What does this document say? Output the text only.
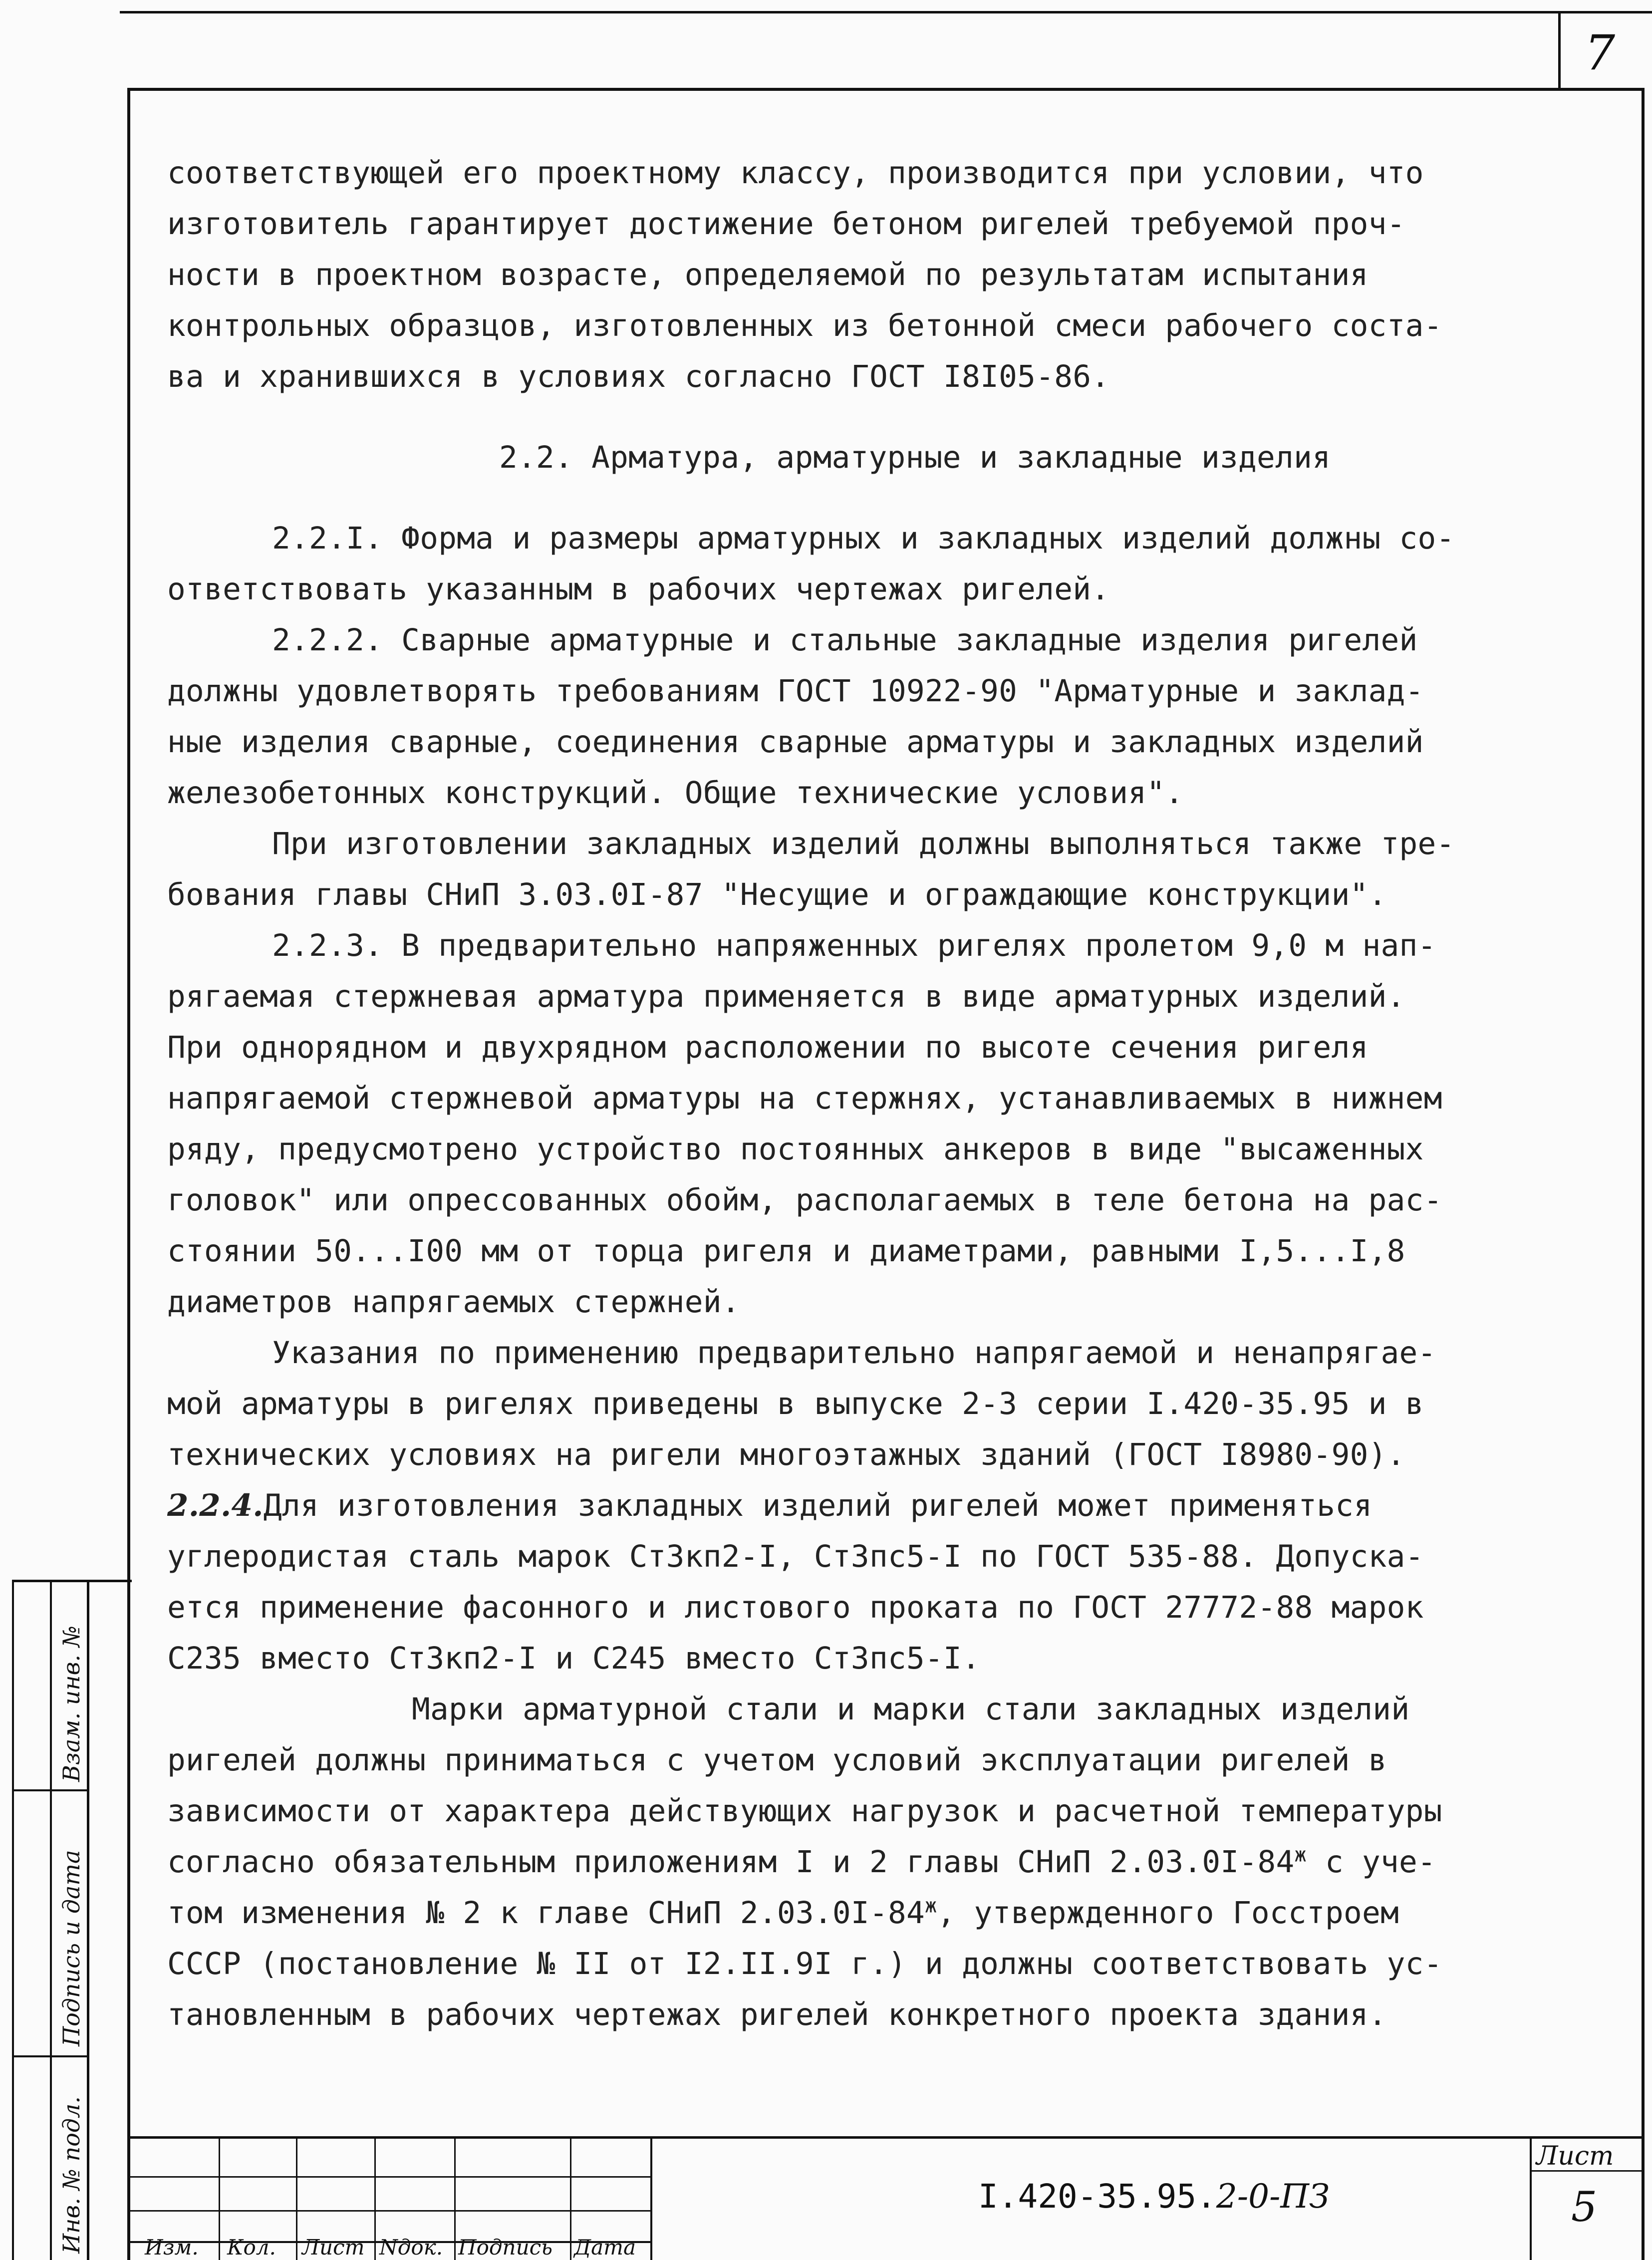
7
Взам. инв. №
Подпись и дата
Инв. № подл.

соответствующей его проектному классу, производится при условии, что

изготовитель гарантирует достижение бетоном ригелей требуемой проч-

ности в проектном возрасте, определяемой по результатам испытания

контрольных образцов, изготовленных из бетонной смеси рабочего соста-

ва и хранившихся в условиях согласно ГОСТ I8I05-86.

2.2. Арматура, арматурные и закладные изделия

2.2.I. Форма и размеры арматурных и закладных изделий должны со-

ответствовать указанным в рабочих чертежах ригелей.

2.2.2. Сварные арматурные и стальные закладные изделия ригелей

должны удовлетворять требованиям ГОСТ 10922-90 "Арматурные и заклад-

ные изделия сварные, соединения сварные арматуры и закладных изделий

железобетонных конструкций. Общие технические условия".

При изготовлении закладных изделий должны выполняться также тре-

бования главы СНиП 3.03.0I-87 "Несущие и ограждающие конструкции".

2.2.3. В предварительно напряженных ригелях пролетом 9,0 м нап-

рягаемая стержневая арматура применяется в виде арматурных изделий.

При однорядном и двухрядном расположении по высоте сечения ригеля

напрягаемой стержневой арматуры на стержнях, устанавливаемых в нижнем

ряду, предусмотрено устройство постоянных анкеров в виде "высаженных

головок" или опрессованных обойм, располагаемых в теле бетона на рас-

стоянии 50...I00 мм от торца ригеля и диаметрами, равными I,5...I,8

диаметров напрягаемых стержней.

Указания по применению предварительно напрягаемой и ненапрягае-

мой арматуры в ригелях приведены в выпуске 2-3 серии I.420-35.95 и в

технических условиях на ригели многоэтажных зданий (ГОСТ I8980-90).

2.2.4.Для изготовления закладных изделий ригелей может применяться

углеродистая сталь марок Ст3кп2-I, Ст3пс5-I по ГОСТ 535-88. Допуска-

ется применение фасонного и листового проката по ГОСТ 27772-88 марок

С235 вместо Ст3кп2-I и С245 вместо Ст3пс5-I.

Марки арматурной стали и марки стали закладных изделий

ригелей должны приниматься с учетом условий эксплуатации ригелей в

зависимости от характера действующих нагрузок и расчетной температуры

согласно обязательным приложениям I и 2 главы СНиП $2.03.0I-84^ж$ с уче-

том изменения № 2 к главе СНиП $2.03.0I-84^ж$, утвержденного Госстроем

СССР (постановление № II от I2.II.9I г.) и должны соответствовать ус-

тановленным в рабочих чертежах ригелей конкретного проекта здания.

Изм. Кол. Лист Nдок. Подпись Дата
I.420-35.95.2-0-ПЗ
Лист
5
